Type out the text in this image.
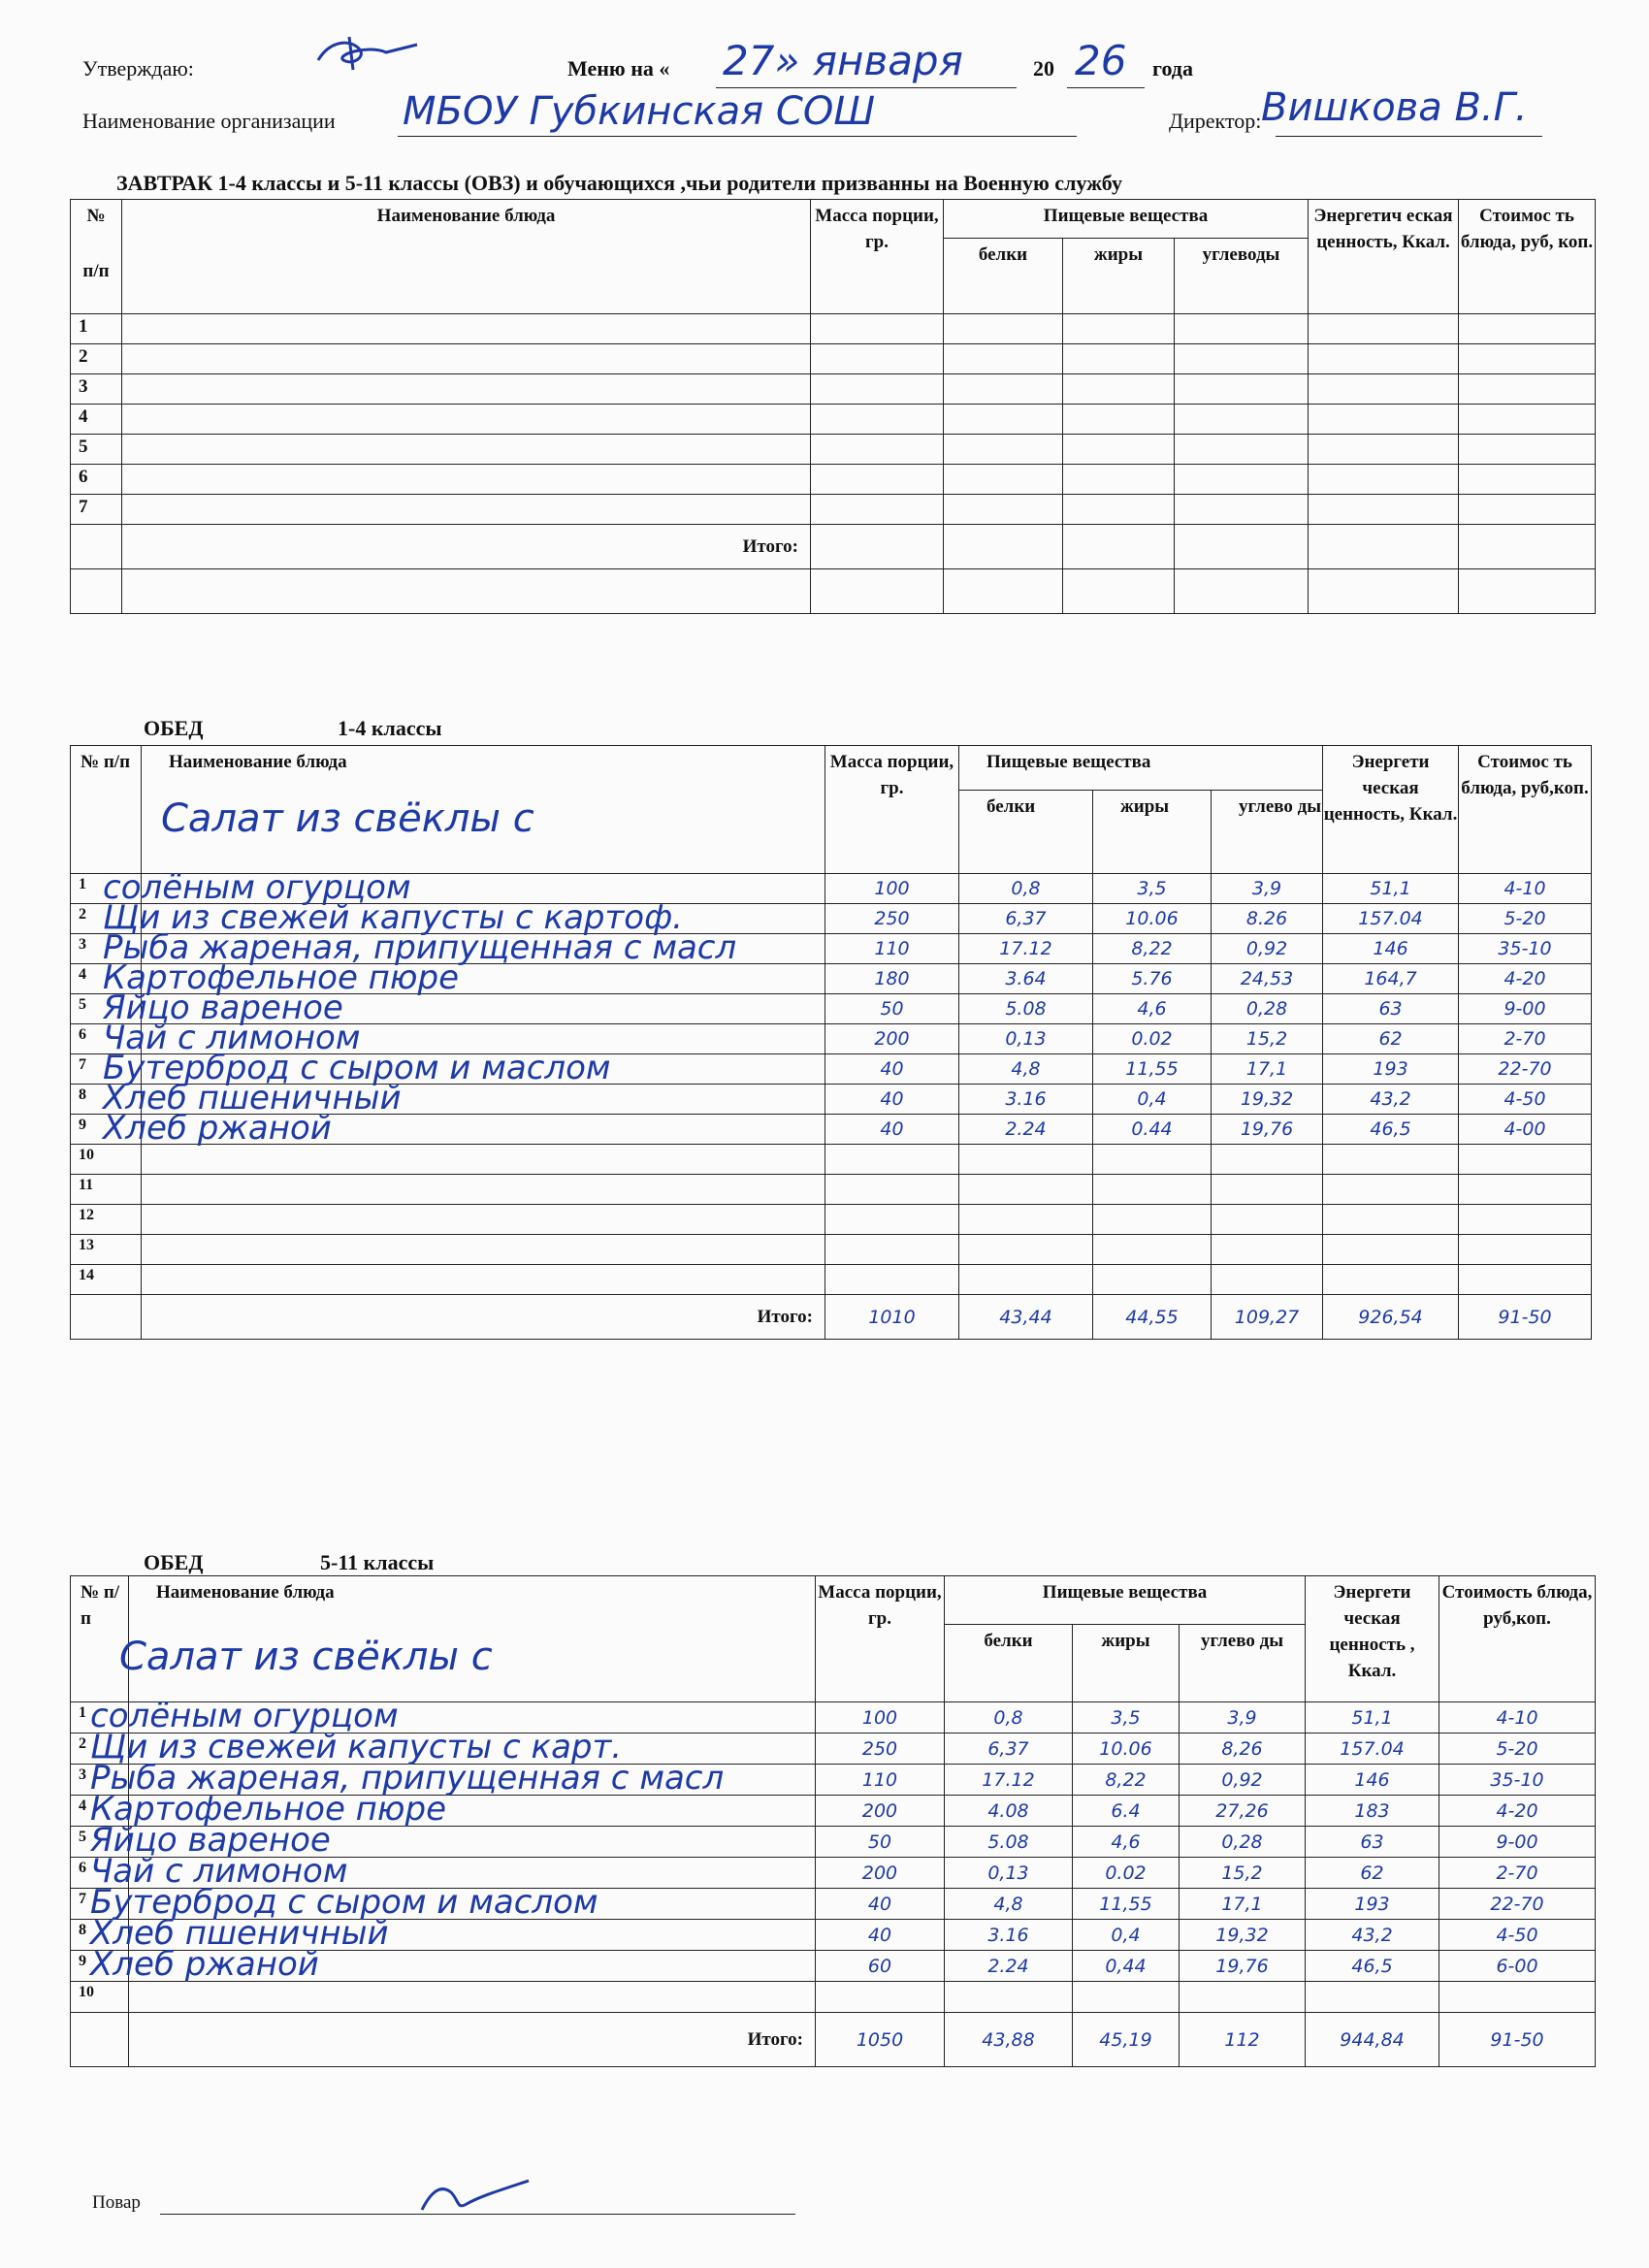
Утверждаю:	Меню на « 27» января	20 26 года
Наименование организации МБОУ Губкинская СОШ	Директор: Вишкова В.Г.
ЗАВТРАК 1-4 классы и 5-11 классы (ОВЗ) и обучающихся ,чьи родители призванны на Военную службу
№
п/п	Наименование блюда	Масса порции, гр.	Пищевые вещества			Энергетич еская ценность, Ккал.	Стоимос ть блюда, руб, коп.
			белки	жиры	углеводы		
1							
2							
3							
4							
5							
6							
7							
	Итого:						

ОБЕД	1-4 классы
№ п/п	Наименование блюда
Салат из свёклы с	Масса порции, гр.	Пищевые вещества			Энергети ческая ценность, Ккал.	Стоимос ть блюда, руб,коп.
			белки	жиры	углево ды		
1	солёным огурцом	100	0,8	3,5	3,9	51,1	4-10
2	Щи из свежей капусты с картоф.	250	6,37	10.06	8.26	157.04	5-20
3	Рыба жареная, припущенная с масл	110	17.12	8,22	0,92	146	35-10
4	Картофельное пюре	180	3.64	5.76	24,53	164,7	4-20
5	Яйцо вареное	50	5.08	4,6	0,28	63	9-00
6	Чай с лимоном	200	0,13	0.02	15,2	62	2-70
7	Бутерброд с сыром и маслом	40	4,8	11,55	17,1	193	22-70
8	Хлеб пшеничный	40	3.16	0,4	19,32	43,2	4-50
9	Хлеб ржаной	40	2.24	0.44	19,76	46,5	4-00
10							
11							
12							
13							
14							
	Итого:	1010	43,44	44,55	109,27	926,54	91-50
ОБЕД	5-11 классы
№ п/п	Наименование блюда
Салат из свёклы с	Масса порции, гр.	Пищевые вещества			Энергети ческая ценность , Ккал.	Стоимость блюда, руб,коп.
			белки	жиры	углево ды		
1	солёным огурцом	100	0,8	3,5	3,9	51,1	4-10
2	Щи из свежей капусты с карт.	250	6,37	10.06	8,26	157.04	5-20
3	Рыба жареная, припущенная с масл	110	17.12	8,22	0,92	146	35-10
4	Картофельное пюре	200	4.08	6.4	27,26	183	4-20
5	Яйцо вареное	50	5.08	4,6	0,28	63	9-00
6	Чай с лимоном	200	0,13	0.02	15,2	62	2-70
7	Бутерброд с сыром и маслом	40	4,8	11,55	17,1	193	22-70
8	Хлеб пшеничный	40	3.16	0,4	19,32	43,2	4-50
9	Хлеб ржаной	60	2.24	0,44	19,76	46,5	6-00
10							
	Итого:	1050	43,88	45,19	112	944,84	91-50
Повар
